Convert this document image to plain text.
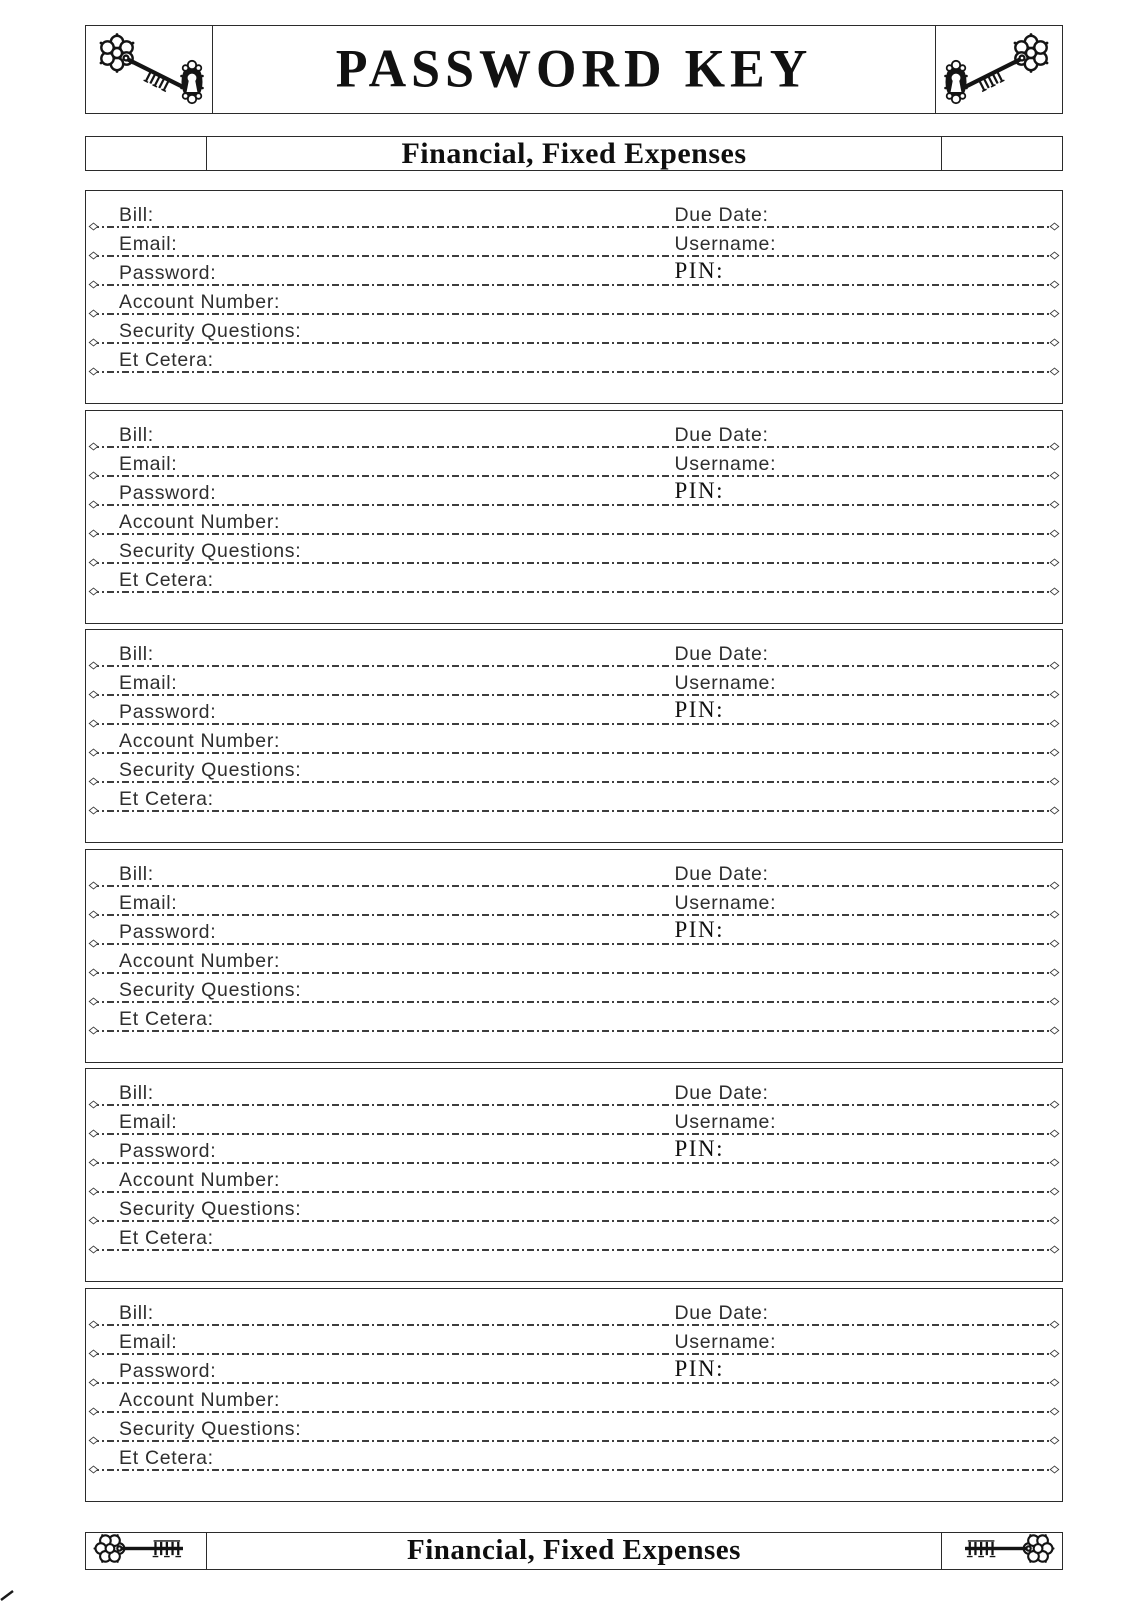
PASSWORD KEY
Financial, Fixed Expenses
Bill:	Due Date:
Email:	Username:
Password:	PIN:
Account Number:
Security Questions:
Et Cetera:
Bill:	Due Date:
Email:	Username:
Password:	PIN:
Account Number:
Security Questions:
Et Cetera:
Bill:	Due Date:
Email:	Username:
Password:	PIN:
Account Number:
Security Questions:
Et Cetera:
Bill:	Due Date:
Email:	Username:
Password:	PIN:
Account Number:
Security Questions:
Et Cetera:
Bill:	Due Date:
Email:	Username:
Password:	PIN:
Account Number:
Security Questions:
Et Cetera:
Bill:	Due Date:
Email:	Username:
Password:	PIN:
Account Number:
Security Questions:
Et Cetera:
Financial, Fixed Expenses
